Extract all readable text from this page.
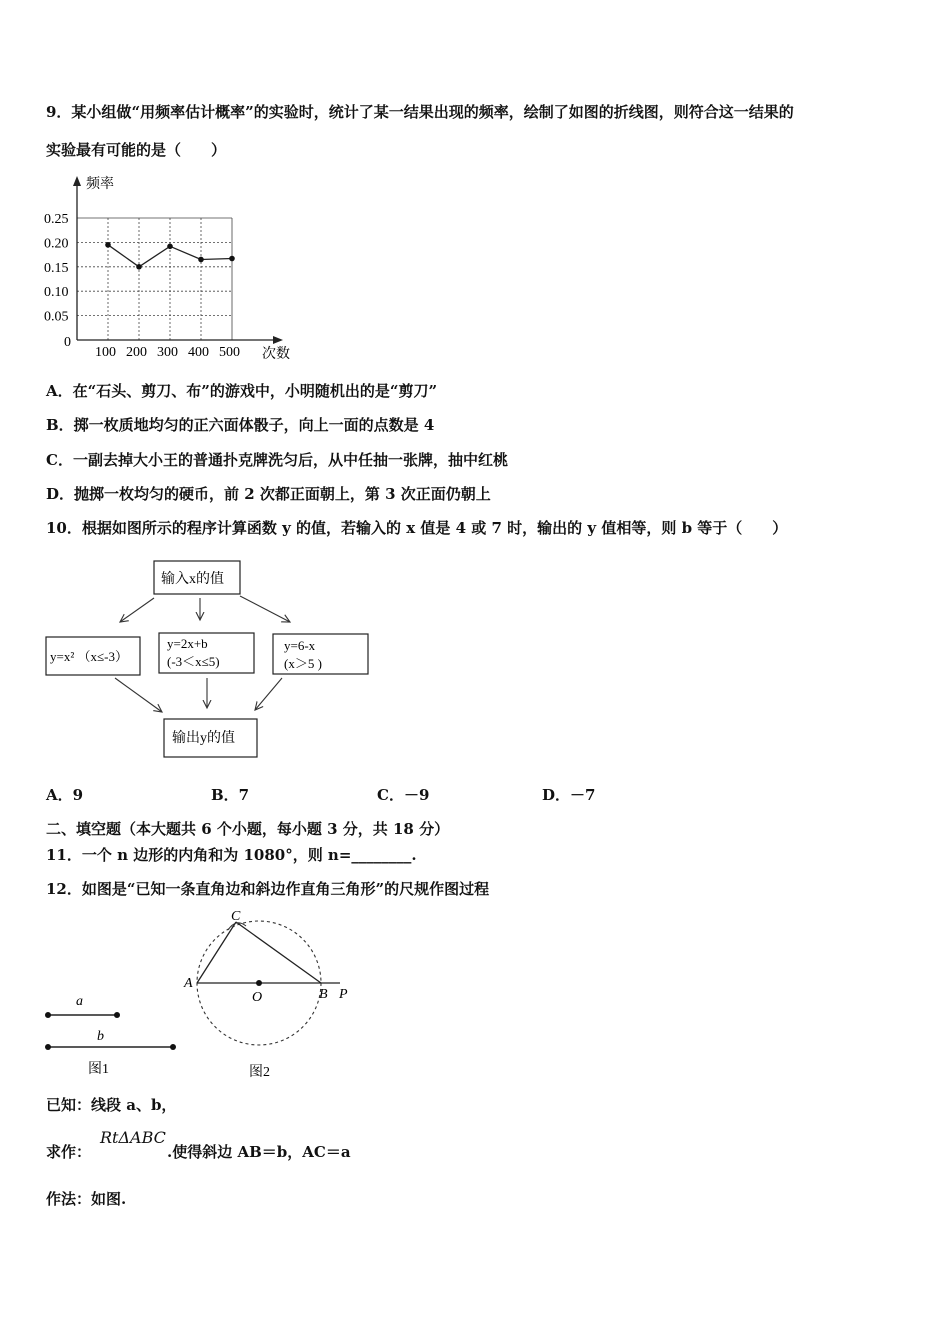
9．某小组做“用频率估计概率”的实验时，统计了某一结果出现的频率，绘制了如图的折线图，则符合这一结果的
实验最有可能的是（　　）
频率
次数
0
0.25
0.20
0.15
0.10
0.05
100 200 300 400 500
A．在“石头、剪刀、布”的游戏中，小明随机出的是“剪刀”
B．掷一枚质地均匀的正六面体骰子，向上一面的点数是 4
C．一副去掉大小王的普通扑克牌洗匀后，从中任抽一张牌，抽中红桃
D．抛掷一枚均匀的硬币，前 2 次都正面朝上，第 3 次正面仍朝上
10．根据如图所示的程序计算函数 y 的值，若输入的 x 值是 4 或 7 时，输出的 y 值相等，则 b 等于（　　）
输入x的值
y=x² （x≤-3）
y=2x+b
(-3＜x≤5)
y=6-x
(x＞5 )
输出y的值
A．9	B．7	C．－9	D．－7
二、填空题（本大题共 6 个小题，每小题 3 分，共 18 分）
11．一个 n 边形的内角和为 1080°，则 n=________.
12．如图是“已知一条直角边和斜边作直角三角形”的尺规作图过程
a
b
图1
C
A
O	B P
图2
已知：线段 a、b，
求作：
RtΔABC
.使得斜边 AB＝b，AC＝a
作法：如图.
